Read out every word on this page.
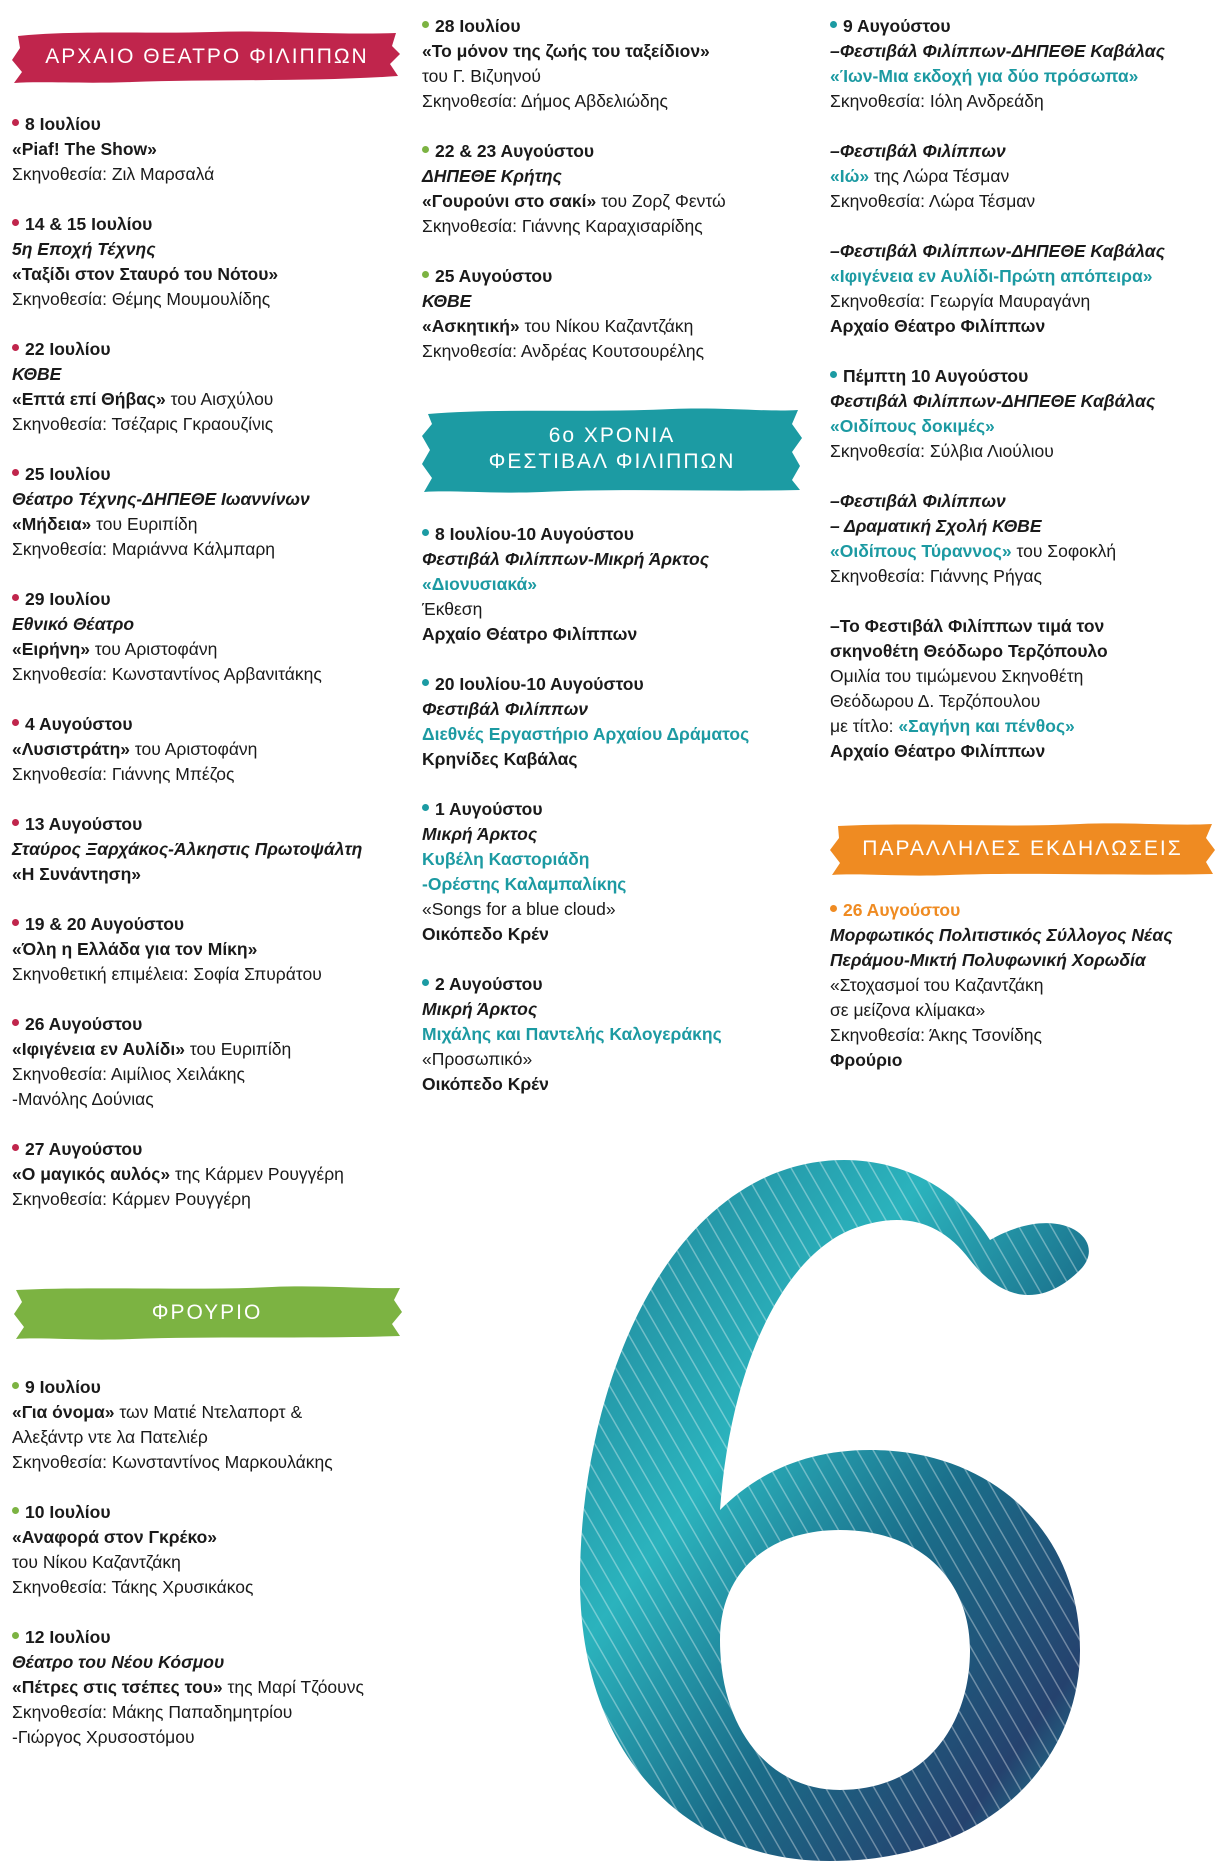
ΑΡΧΑΙΟ ΘΕΑΤΡΟ ΦΙΛΙΠΠΩΝ
8 Ιουλίου
«Piaf! The Show»
Σκηνοθεσία: Ζιλ Μαρσαλά
14 & 15 Ιουλίου
5η Εποχή Τέχνης
«Ταξίδι στον Σταυρό του Νότου»
Σκηνοθεσία: Θέμης Μουμουλίδης
22 Ιουλίου
ΚΘΒΕ
«Επτά επί Θήβας» του Αισχύλου
Σκηνοθεσία: Τσέζαρις Γκραουζίνις
25 Ιουλίου
Θέατρο Τέχνης-ΔΗΠΕΘΕ Ιωαννίνων
«Μήδεια» του Ευριπίδη
Σκηνοθεσία: Μαριάννα Κάλμπαρη
29 Ιουλίου
Εθνικό Θέατρο
«Ειρήνη» του Αριστοφάνη
Σκηνοθεσία: Κωνσταντίνος Αρβανιτάκης
4 Αυγούστου
«Λυσιστράτη» του Αριστοφάνη
Σκηνοθεσία: Γιάννης Μπέζος
13 Αυγούστου
Σταύρος Ξαρχάκος-Άλκηστις Πρωτοψάλτη
«Η Συνάντηση»
19 & 20 Αυγούστου
«Όλη η Ελλάδα για τον Μίκη»
Σκηνοθετική επιμέλεια: Σοφία Σπυράτου
26 Αυγούστου
«Ιφιγένεια εν Αυλίδι» του Ευριπίδη
Σκηνοθεσία: Αιμίλιος Χειλάκης
-Μανόλης Δούνιας
27 Αυγούστου
«Ο μαγικός αυλός» της Κάρμεν Ρουγγέρη
Σκηνοθεσία: Κάρμεν Ρουγγέρη
ΦΡΟΥΡΙΟ
9 Ιουλίου
«Για όνομα» των Ματιέ Ντελαπορτ &
Αλεξάντρ ντε λα Πατελιέρ
Σκηνοθεσία: Κωνσταντίνος Μαρκουλάκης
10 Ιουλίου
«Αναφορά στον Γκρέκο»
του Νίκου Καζαντζάκη
Σκηνοθεσία: Τάκης Χρυσικάκος
12 Ιουλίου
Θέατρο του Νέου Κόσμου
«Πέτρες στις τσέπες του» της Μαρί Τζόουνς
Σκηνοθεσία: Μάκης Παπαδημητρίου
-Γιώργος Χρυσοστόμου
28 Ιουλίου
«Το μόνον της ζωής του ταξείδιον»
του Γ. Βιζυηνού
Σκηνοθεσία: Δήμος Αβδελιώδης
22 & 23 Αυγούστου
ΔΗΠΕΘΕ Κρήτης
«Γουρούνι στο σακί» του Ζορζ Φεντώ
Σκηνοθεσία: Γιάννης Καραχισαρίδης
25 Αυγούστου
ΚΘΒΕ
«Ασκητική» του Νίκου Καζαντζάκη
Σκηνοθεσία: Ανδρέας Κουτσουρέλης
6ο ΧΡΟΝΙΑ
ΦΕΣΤΙΒΑΛ ΦΙΛΙΠΠΩΝ
8 Ιουλίου-10 Αυγούστου
Φεστιβάλ Φιλίππων-Μικρή Άρκτος
«Διονυσιακά»
Έκθεση
Αρχαίο Θέατρο Φιλίππων
20 Ιουλίου-10 Αυγούστου
Φεστιβάλ Φιλίππων
Διεθνές Εργαστήριο Αρχαίου Δράματος
Κρηνίδες Καβάλας
1 Αυγούστου
Μικρή Άρκτος
Κυβέλη Καστοριάδη
-Ορέστης Καλαμπαλίκης
«Songs for a blue cloud»
Οικόπεδο Κρέν
2 Αυγούστου
Μικρή Άρκτος
Μιχάλης και Παντελής Καλογεράκης
«Προσωπικό»
Οικόπεδο Κρέν
9 Αυγούστου
–Φεστιβάλ Φιλίππων-ΔΗΠΕΘΕ Καβάλας
«Ίων-Μια εκδοχή για δύο πρόσωπα»
Σκηνοθεσία: Ιόλη Ανδρεάδη
–Φεστιβάλ Φιλίππων
«Ιώ» της Λώρα Τέσμαν
Σκηνοθεσία: Λώρα Τέσμαν
–Φεστιβάλ Φιλίππων-ΔΗΠΕΘΕ Καβάλας
«Ιφιγένεια εν Αυλίδι-Πρώτη απόπειρα»
Σκηνοθεσία: Γεωργία Μαυραγάνη
Αρχαίο Θέατρο Φιλίππων
Πέμπτη 10 Αυγούστου
Φεστιβάλ Φιλίππων-ΔΗΠΕΘΕ Καβάλας
«Οιδίπους δοκιμές»
Σκηνοθεσία: Σύλβια Λιούλιου
–Φεστιβάλ Φιλίππων
– Δραματική Σχολή ΚΘΒΕ
«Οιδίπους Τύραννος» του Σοφοκλή
Σκηνοθεσία: Γιάννης Ρήγας
–Το Φεστιβάλ Φιλίππων τιμά τον
σκηνοθέτη Θεόδωρο Τερζόπουλο
Ομιλία του τιμώμενου Σκηνοθέτη
Θεόδωρου Δ. Τερζόπουλου
με τίτλο: «Σαγήνη και πένθος»
Αρχαίο Θέατρο Φιλίππων
ΠΑΡΑΛΛΗΛΕΣ ΕΚΔΗΛΩΣΕΙΣ
26 Αυγούστου
Μορφωτικός Πολιτιστικός Σύλλογος Νέας
Περάμου-Μικτή Πολυφωνική Χορωδία
«Στοχασμοί του Καζαντζάκη
σε μείζονα κλίμακα»
Σκηνοθεσία: Άκης Τσονίδης
Φρούριο
